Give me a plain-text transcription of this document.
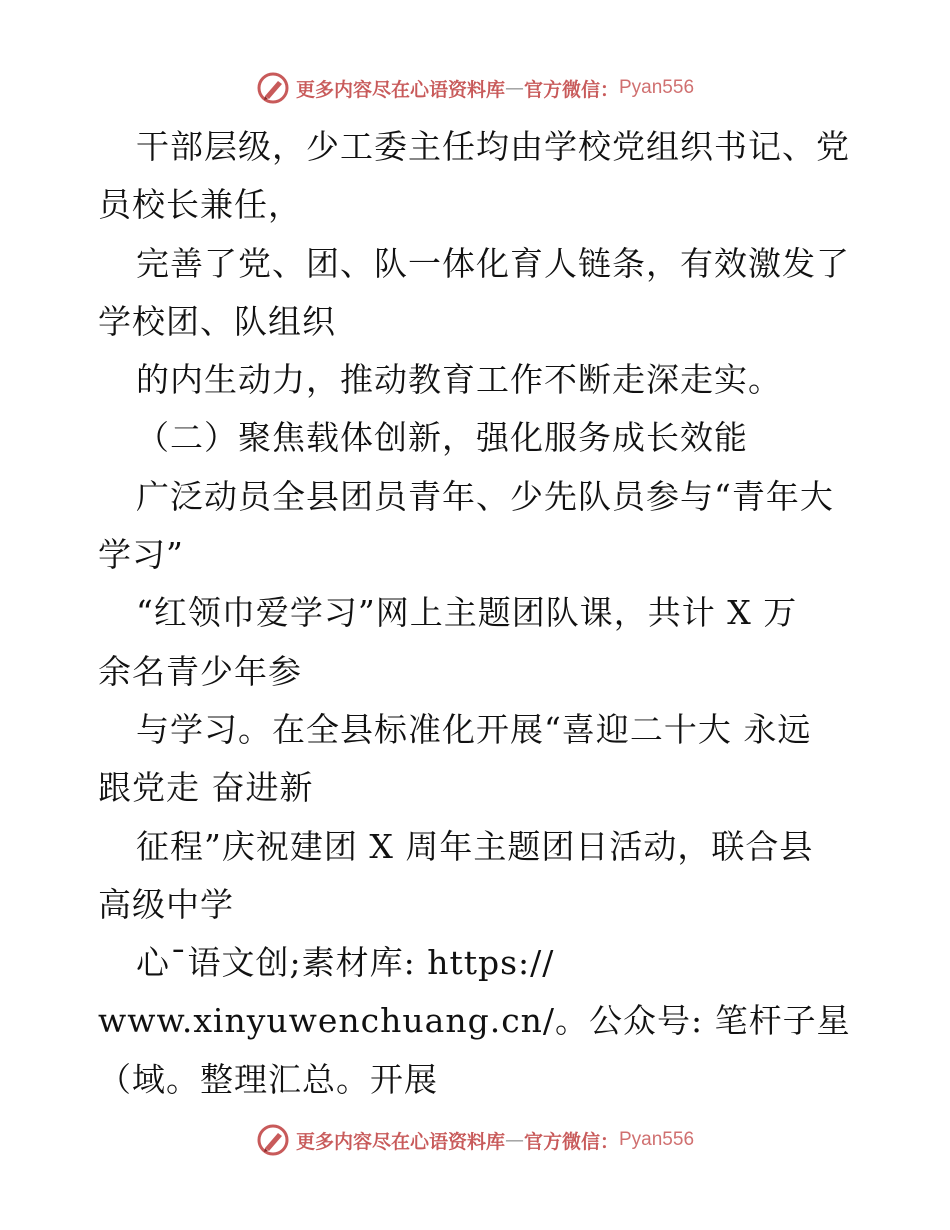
更多内容尽在心语资料库 — 官方微信： Pyan556
干部层级，少工委主任均由学校党组织书记、党
员校长兼任，
完善了党、团、队一体化育人链条，有效激发了
学校团、队组织
的内生动力，推动教育工作不断走深走实。
（二）聚焦载体创新，强化服务成长效能
广泛动员全县团员青年、少先队员参与“青年大
学习”
“红领巾爱学习”网上主题团队课，共计 X 万
余名青少年参
与学习。在全县标准化开展“喜迎二十大 永远
跟党走 奋进新
征程”庆祝建团 X 周年主题团日活动，联合县
高级中学
心¯语文创;素材库: https://
www.xinyuwenchuang.cn/。公众号: 笔杆子星
（域。整理汇总。开展
更多内容尽在心语资料库 — 官方微信： Pyan556
